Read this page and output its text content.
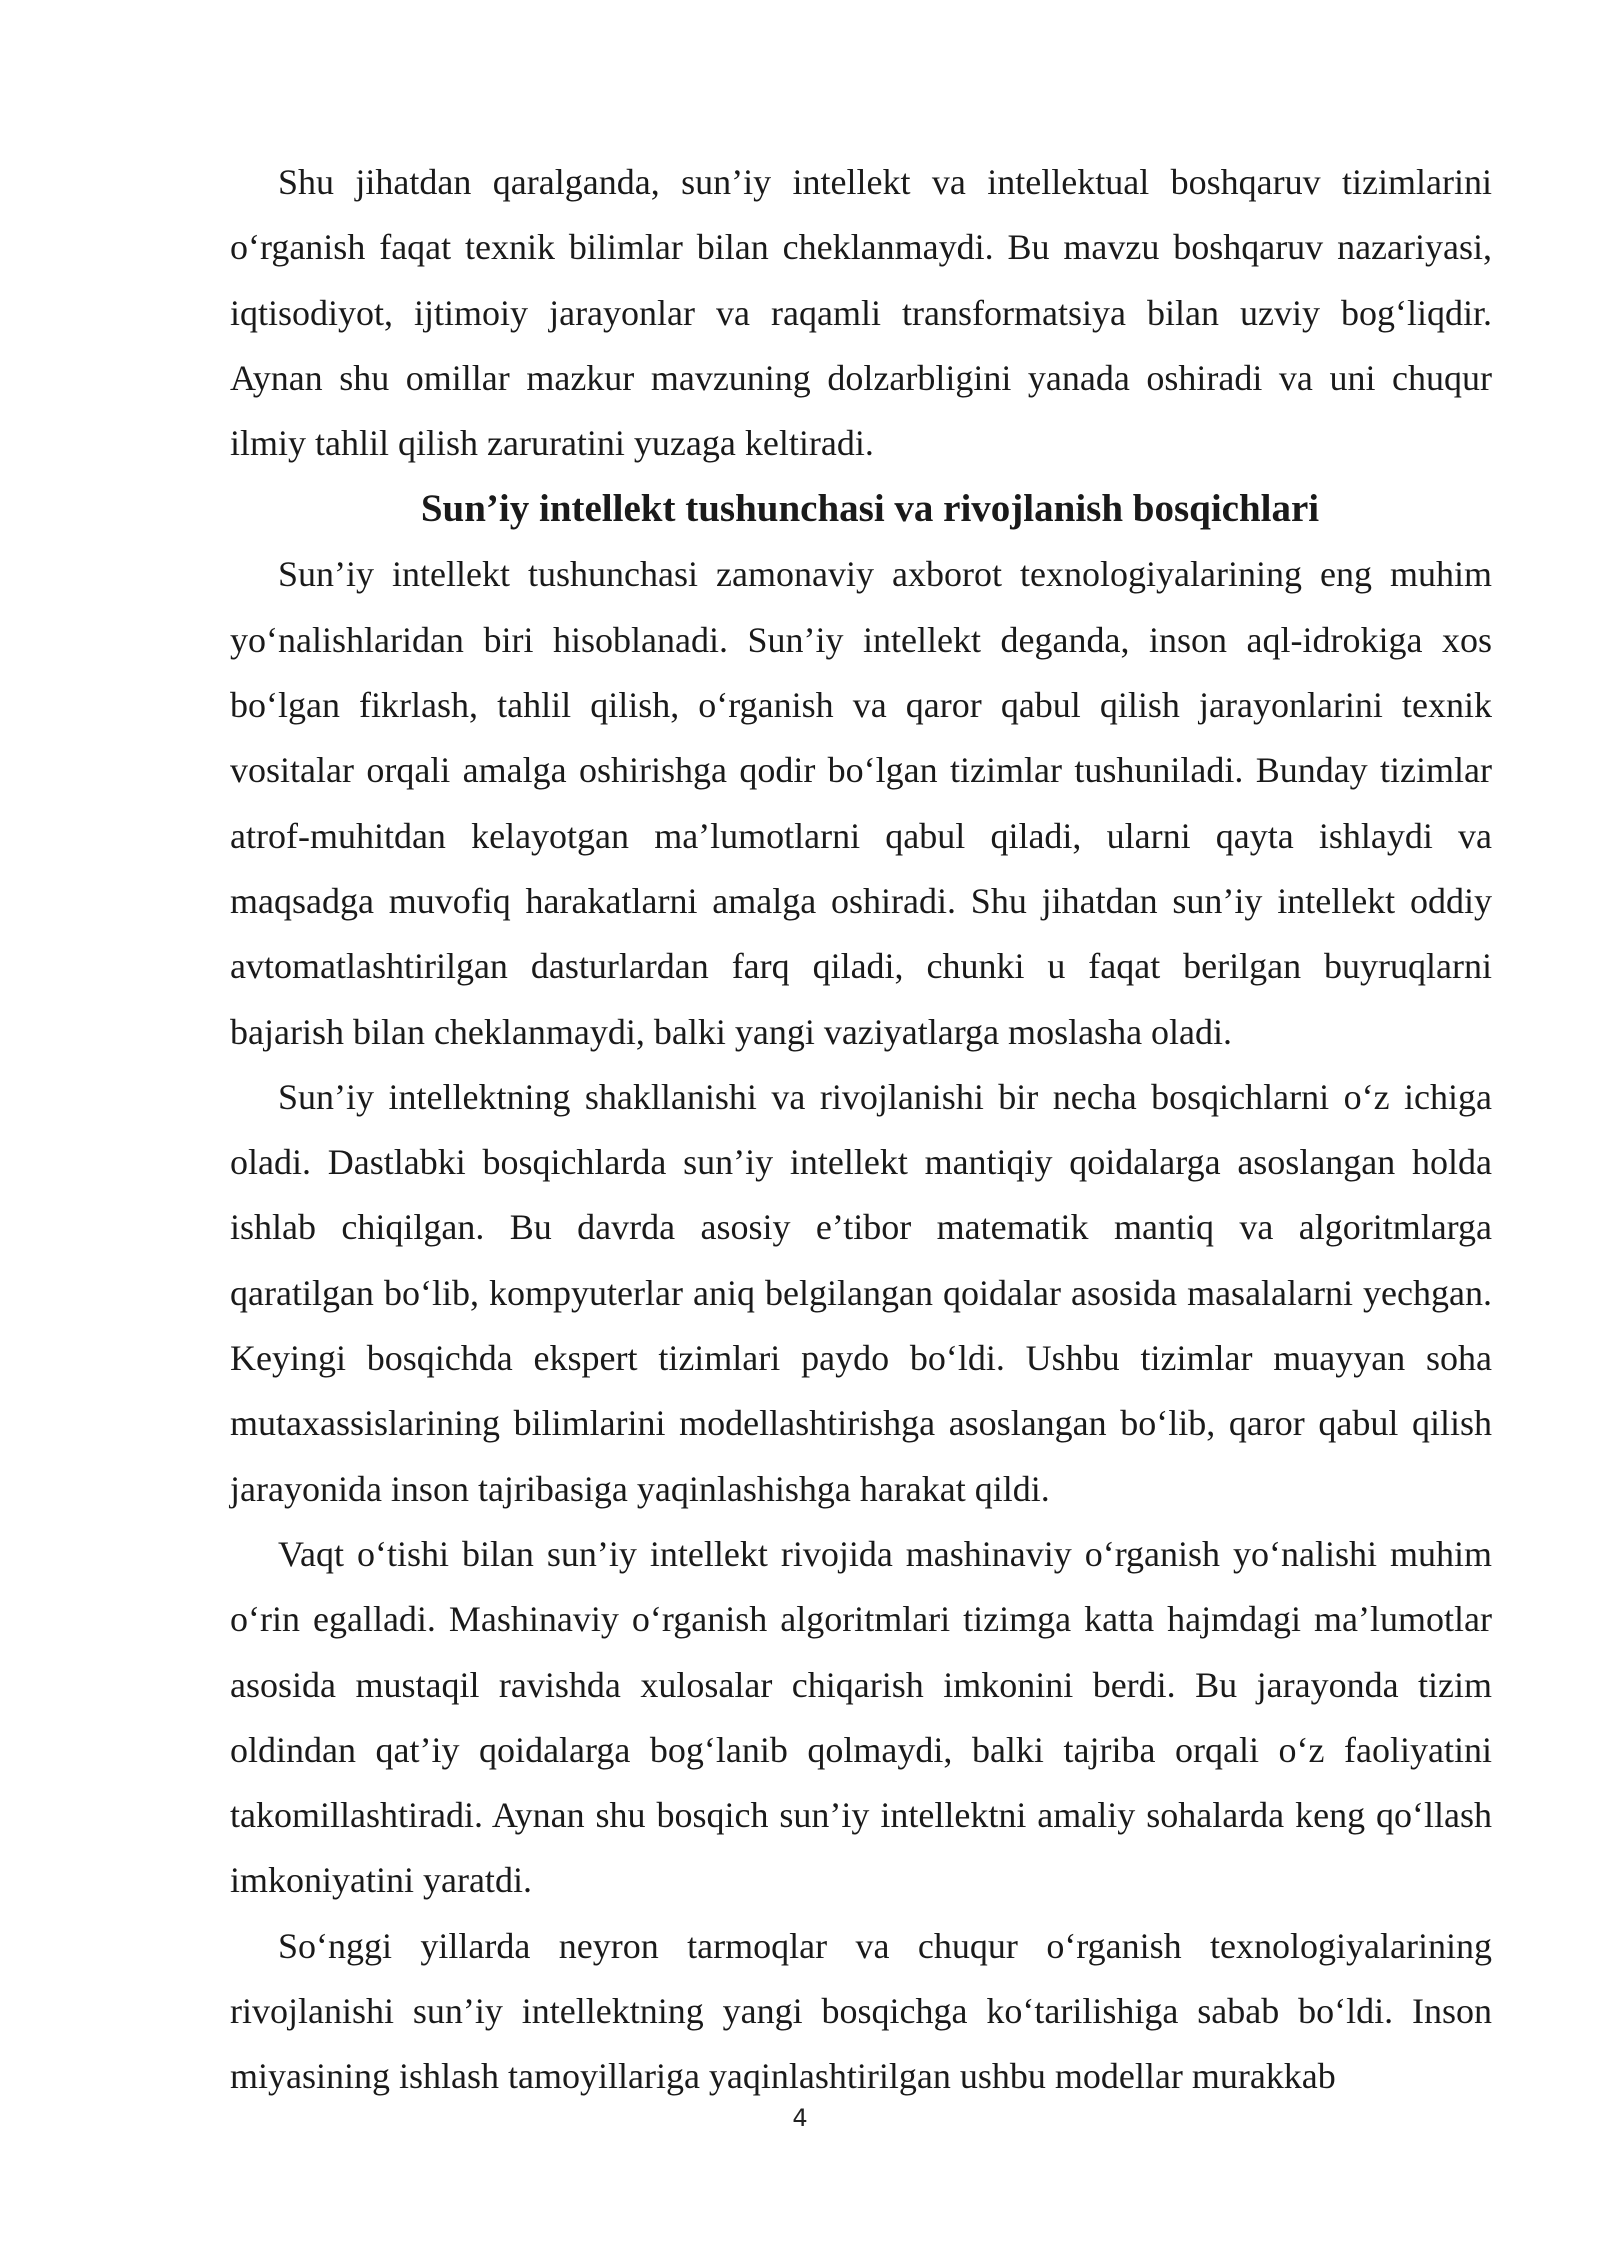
Shu jihatdan qaralganda, sun’iy intellekt va intellektual boshqaruv tizimlarini o‘rganish faqat texnik bilimlar bilan cheklanmaydi. Bu mavzu boshqaruv nazariyasi, iqtisodiyot, ijtimoiy jarayonlar va raqamli transformatsiya bilan uzviy bog‘liqdir. Aynan shu omillar mazkur mavzuning dolzarbligini yanada oshiradi va uni chuqur ilmiy tahlil qilish zaruratini yuzaga keltiradi.

Sun’iy intellekt tushunchasi va rivojlanish bosqichlari

Sun’iy intellekt tushunchasi zamonaviy axborot texnologiyalarining eng muhim yo‘nalishlaridan biri hisoblanadi. Sun’iy intellekt deganda, inson aql-idrokiga xos bo‘lgan fikrlash, tahlil qilish, o‘rganish va qaror qabul qilish jarayonlarini texnik vositalar orqali amalga oshirishga qodir bo‘lgan tizimlar tushuniladi. Bunday tizimlar atrof-muhitdan kelayotgan ma’lumotlarni qabul qiladi, ularni qayta ishlaydi va maqsadga muvofiq harakatlarni amalga oshiradi. Shu jihatdan sun’iy intellekt oddiy avtomatlashtirilgan dasturlardan farq qiladi, chunki u faqat berilgan buyruqlarni bajarish bilan cheklanmaydi, balki yangi vaziyatlarga moslasha oladi.

Sun’iy intellektning shakllanishi va rivojlanishi bir necha bosqichlarni o‘z ichiga oladi. Dastlabki bosqichlarda sun’iy intellekt mantiqiy qoidalarga asoslangan holda ishlab chiqilgan. Bu davrda asosiy e’tibor matematik mantiq va algoritmlarga qaratilgan bo‘lib, kompyuterlar aniq belgilangan qoidalar asosida masalalarni yechgan. Keyingi bosqichda ekspert tizimlari paydo bo‘ldi. Ushbu tizimlar muayyan soha mutaxassislarining bilimlarini modellashtirishga asoslangan bo‘lib, qaror qabul qilish jarayonida inson tajribasiga yaqinlashishga harakat qildi.

Vaqt o‘tishi bilan sun’iy intellekt rivojida mashinaviy o‘rganish yo‘nalishi muhim o‘rin egalladi. Mashinaviy o‘rganish algoritmlari tizimga katta hajmdagi ma’lumotlar asosida mustaqil ravishda xulosalar chiqarish imkonini berdi. Bu jarayonda tizim oldindan qat’iy qoidalarga bog‘lanib qolmaydi, balki tajriba orqali o‘z faoliyatini takomillashtiradi. Aynan shu bosqich sun’iy intellektni amaliy sohalarda keng qo‘llash imkoniyatini yaratdi.

So‘nggi yillarda neyron tarmoqlar va chuqur o‘rganish texnologiyalarining rivojlanishi sun’iy intellektning yangi bosqichga ko‘tarilishiga sabab bo‘ldi. Inson miyasining ishlash tamoyillariga yaqinlashtirilgan ushbu modellar murakkab

4
